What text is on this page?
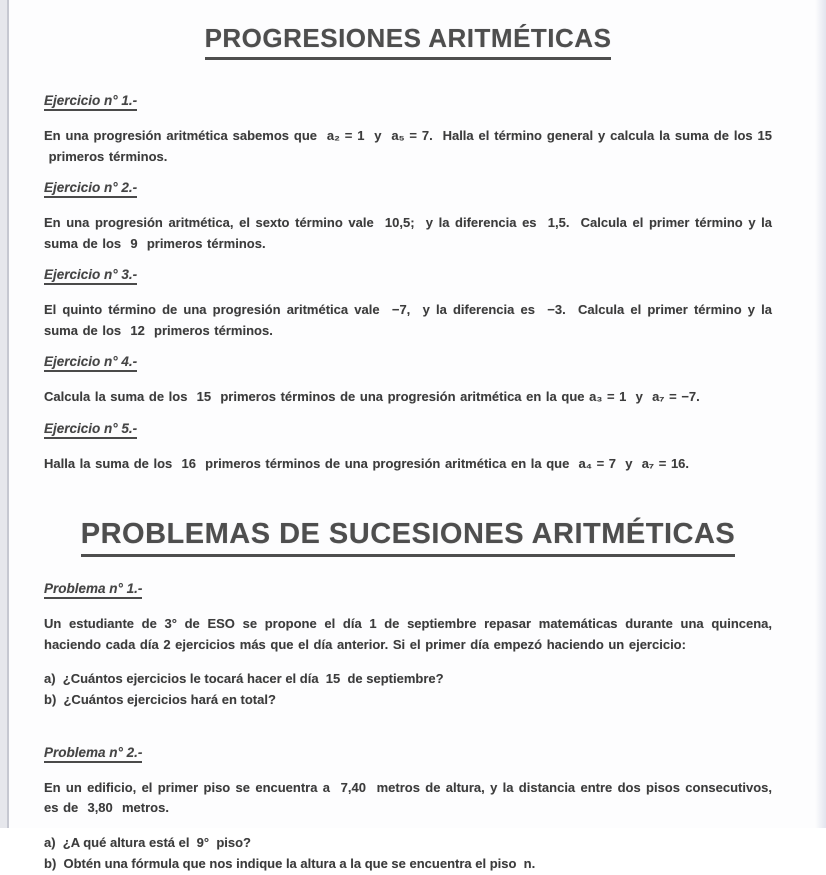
PROGRESIONES ARITMÉTICAS
Ejercicio n° 1.-

En una progresión aritmética sabemos que  a₂ = 1  y  a₅ = 7.  Halla el término general y calcula la suma de los 15  primeros términos.

Ejercicio n° 2.-

En una progresión aritmética, el sexto término vale  10,5;  y la diferencia es  1,5.  Calcula el primer término y la suma de los  9  primeros términos.

Ejercicio n° 3.-

El quinto término de una progresión aritmética vale  −7,  y la diferencia es  −3.  Calcula el primer término y la suma de los  12  primeros términos.

Ejercicio n° 4.-

Calcula la suma de los  15  primeros términos de una progresión aritmética en la que a₃ = 1  y  a₇ = −7.

Ejercicio n° 5.-

Halla la suma de los  16  primeros términos de una progresión aritmética en la que  a₄ = 7  y  a₇ = 16.

PROBLEMAS DE SUCESIONES ARITMÉTICAS
Problema n° 1.-

Un estudiante de 3° de ESO se propone el día 1 de septiembre repasar matemáticas durante una quincena, haciendo cada día 2 ejercicios más que el día anterior. Si el primer día empezó haciendo un ejercicio:

a)  ¿Cuántos ejercicios le tocará hacer el día  15  de septiembre?
b)  ¿Cuántos ejercicios hará en total?
Problema n° 2.-

En un edificio, el primer piso se encuentra a  7,40  metros de altura, y la distancia entre dos pisos consecutivos, es de  3,80  metros.

a)  ¿A qué altura está el  9°  piso?
b)  Obtén una fórmula que nos indique la altura a la que se encuentra el piso  n.
